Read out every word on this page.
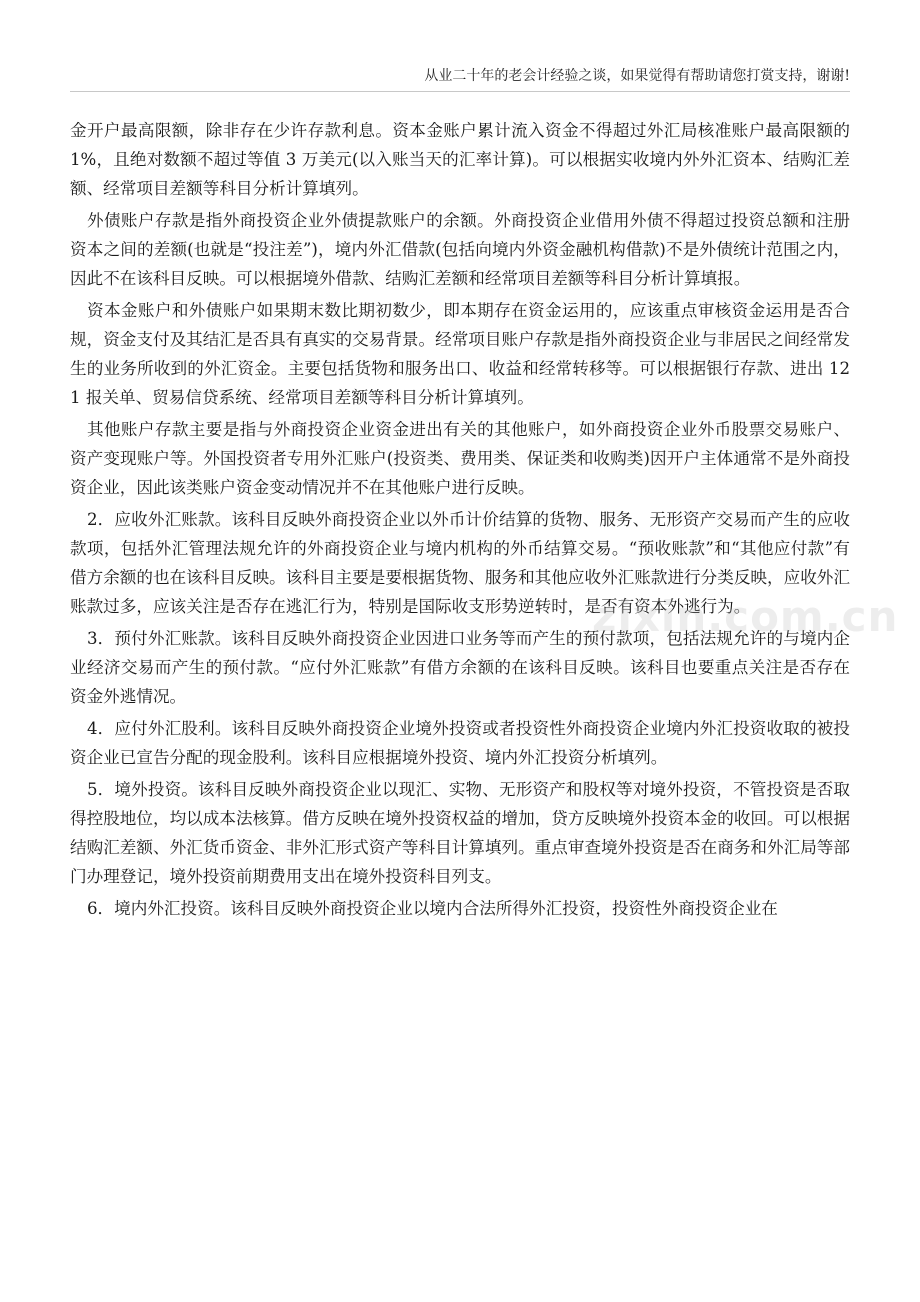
从业二十年的老会计经验之谈，如果觉得有帮助请您打赏支持，谢谢!

金开户最高限额，除非存在少许存款利息。资本金账户累计流入资金不得超过外汇局核准账户最高限额的 1%，且绝对数额不超过等值 3 万美元(以入账当天的汇率计算)。可以根据实收境内外外汇资本、结购汇差额、经常项目差额等科目分析计算填列。

外债账户存款是指外商投资企业外债提款账户的余额。外商投资企业借用外债不得超过投资总额和注册资本之间的差额(也就是“投注差”)，境内外汇借款(包括向境内外资金融机构借款)不是外债统计范围之内，因此不在该科目反映。可以根据境外借款、结购汇差额和经常项目差额等科目分析计算填报。

资本金账户和外债账户如果期末数比期初数少，即本期存在资金运用的，应该重点审核资金运用是否合规，资金支付及其结汇是否具有真实的交易背景。经常项目账户存款是指外商投资企业与非居民之间经常发生的业务所收到的外汇资金。主要包括货物和服务出口、收益和经常转移等。可以根据银行存款、进出 121 报关单、贸易信贷系统、经常项目差额等科目分析计算填列。

其他账户存款主要是指与外商投资企业资金进出有关的其他账户，如外商投资企业外币股票交易账户、资产变现账户等。外国投资者专用外汇账户(投资类、费用类、保证类和收购类)因开户主体通常不是外商投资企业，因此该类账户资金变动情况并不在其他账户进行反映。

2．应收外汇账款。该科目反映外商投资企业以外币计价结算的货物、服务、无形资产交易而产生的应收款项，包括外汇管理法规允许的外商投资企业与境内机构的外币结算交易。“预收账款”和“其他应付款”有借方余额的也在该科目反映。该科目主要是要根据货物、服务和其他应收外汇账款进行分类反映，应收外汇账款过多，应该关注是否存在逃汇行为，特别是国际收支形势逆转时，是否有资本外逃行为。

3．预付外汇账款。该科目反映外商投资企业因进口业务等而产生的预付款项，包括法规允许的与境内企业经济交易而产生的预付款。“应付外汇账款”有借方余额的在该科目反映。该科目也要重点关注是否存在资金外逃情况。

4．应付外汇股利。该科目反映外商投资企业境外投资或者投资性外商投资企业境内外汇投资收取的被投资企业已宣告分配的现金股利。该科目应根据境外投资、境内外汇投资分析填列。

5．境外投资。该科目反映外商投资企业以现汇、实物、无形资产和股权等对境外投资，不管投资是否取得控股地位，均以成本法核算。借方反映在境外投资权益的增加，贷方反映境外投资本金的收回。可以根据结购汇差额、外汇货币资金、非外汇形式资产等科目计算填列。重点审查境外投资是否在商务和外汇局等部门办理登记，境外投资前期费用支出在境外投资科目列支。

6．境内外汇投资。该科目反映外商投资企业以境内合法所得外汇投资，投资性外商投资企业在

zixin.com.cn
